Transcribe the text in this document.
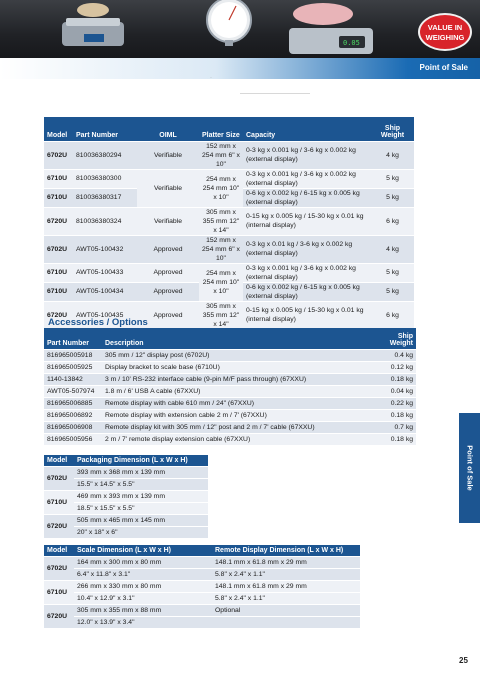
0.05
VALUE IN
WEIGHING
Point of Sale
·
Model	Part Number	OIML	Platter Size	Capacity	Ship Weight
6702U	810036380294	Verifiable	152 mm x 254 mm 6" x 10"	0-3 kg x 0.001 kg / 3-6 kg x 0.002 kg (external display)	4 kg
6710U	810036380300	Verifiable	254 mm x 254 mm 10" x 10"	0-3 kg x 0.001 kg / 3-6 kg x 0.002 kg (external display)	5 kg
6710U	810036380317			0-6 kg x 0.002 kg / 6-15 kg x 0.005 kg (external display)	5 kg
6720U	810036380324	Verifiable	305 mm x 355 mm 12" x 14"	0-15 kg x 0.005 kg / 15-30 kg x 0.01 kg (internal display)	6 kg
6702U	AWT05-100432	Approved	152 mm x 254 mm 6" x 10"	0-3 kg x 0.01 kg / 3-6 kg x 0.002 kg (external display)	4 kg
6710U	AWT05-100433	Approved	254 mm x 254 mm 10" x 10"	0-3 kg x 0.001 kg / 3-6 kg x 0.002 kg (external display)	5 kg
6710U	AWT05-100434	Approved		0-6 kg x 0.002 kg / 6-15 kg x 0.005 kg (external display)	5 kg
6720U	AWT05-100435	Approved	305 mm x 355 mm 12" x 14"	0-15 kg x 0.005 kg / 15-30 kg x 0.01 kg (internal display)	6 kg
Accessories / Options
Part Number	Description	Ship Weight
816965005918	305 mm / 12" display post (6702U)	0.4 kg
816965005925	Display bracket to scale base (6710U)	0.12 kg
1140-13842	3 m / 10' RS-232 interface cable (9-pin M/F pass through) (67XXU)	0.18 kg
AWT05-507974	1.8 m / 6' USB A cable (67XXU)	0.04 kg
816965006885	Remote display with cable 610 mm / 24" (67XXU)	0.22 kg
816965006892	Remote display with extension cable 2 m / 7' (67XXU)	0.18 kg
816965006908	Remote display kit with 305 mm / 12" post and 2 m / 7' cable (67XXU)	0.7 kg
816965005956	2 m / 7' remote display extension cable (67XXU)	0.18 kg
Model	Packaging Dimension (L x W x H)
6702U	393 mm x 368 mm x 139 mm
	15.5" x 14.5" x 5.5"
6710U	469 mm x 393 mm x 139 mm
	18.5" x 15.5" x 5.5"
6720U	505 mm x 465 mm x 145 mm
	20" x 18" x 6"
Model	Scale Dimension (L x W x H)	Remote Display Dimension (L x W x H)
6702U	164 mm x 300 mm x 80 mm	148.1 mm x 61.8 mm x 29 mm
	6.4" x 11.8" x 3.1"	5.8" x 2.4" x 1.1"
6710U	266 mm x 330 mm x 80 mm	148.1 mm x 61.8 mm x 29 mm
	10.4" x 12.9" x 3.1"	5.8" x 2.4" x 1.1"
6720U	305 mm x 355 mm x 88 mm	Optional
	12.0" x 13.9" x 3.4"	
Point of Sale
25
